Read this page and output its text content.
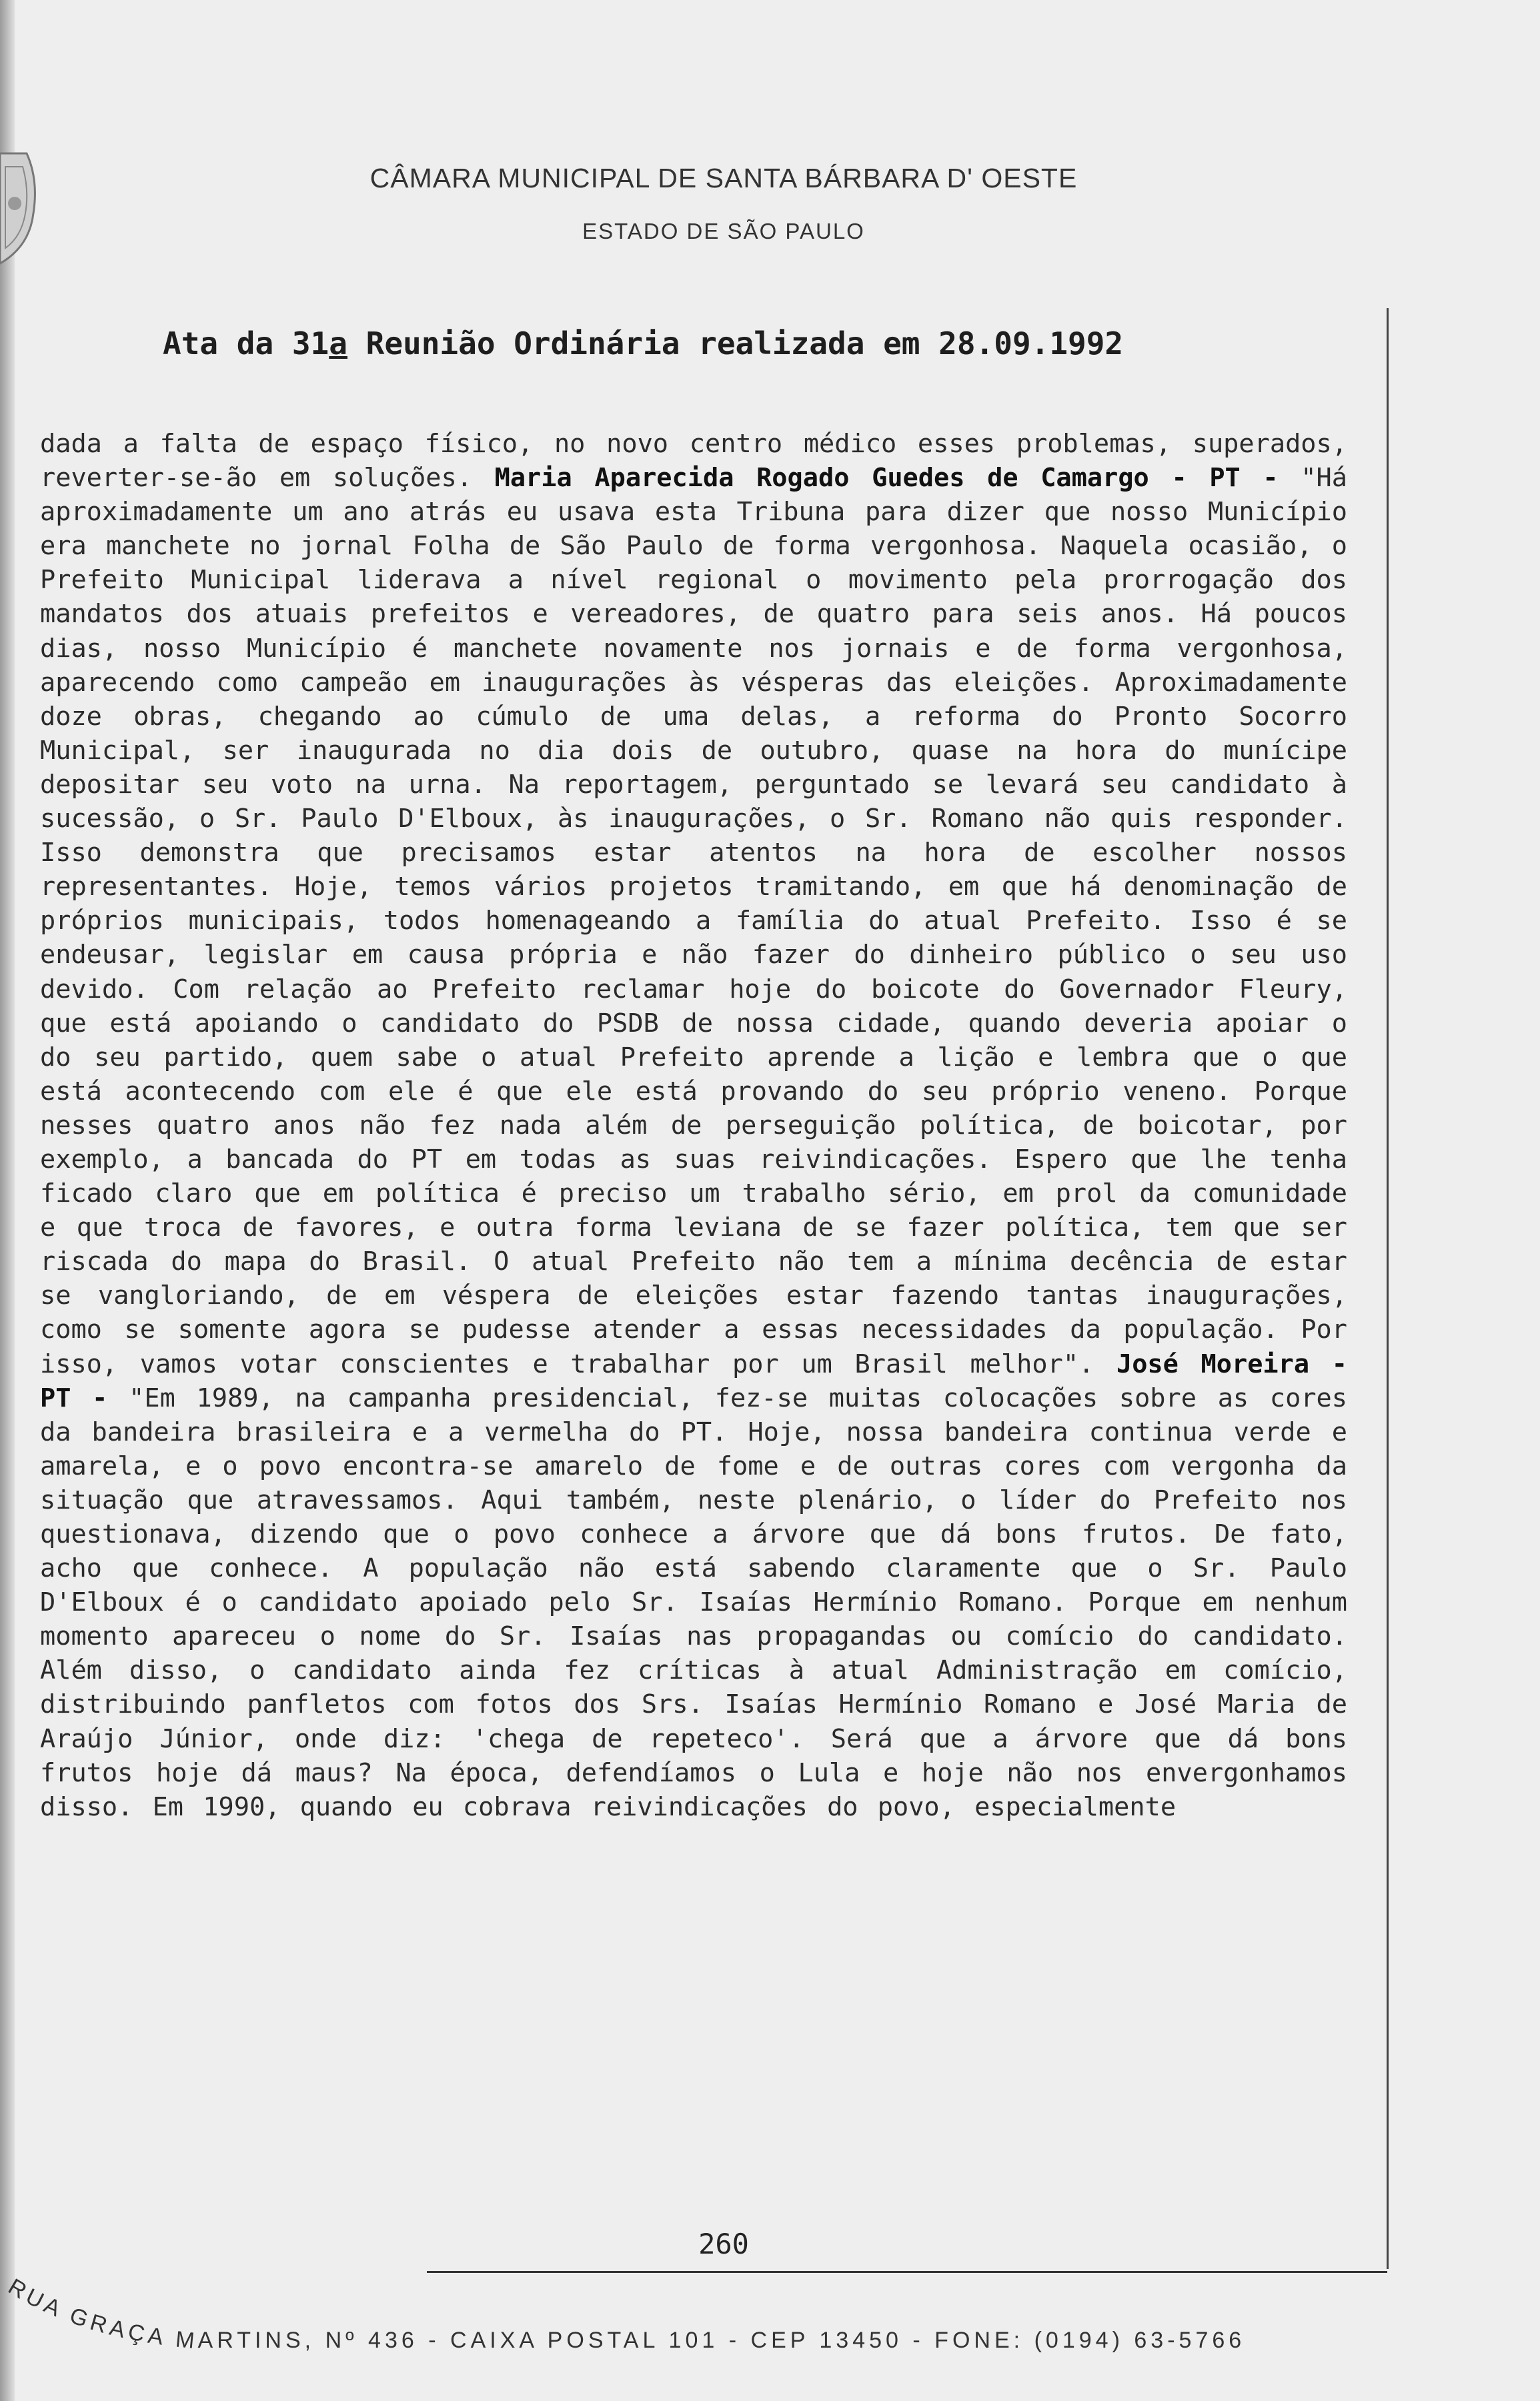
CÂMARA MUNICIPAL DE SANTA BÁRBARA D' OESTE
ESTADO DE SÃO PAULO
Ata da 31a Reunião Ordinária realizada em 28.09.1992

dada a falta de espaço físico, no novo centro médico esses problemas, superados, reverter-se-ão em soluções. Maria Aparecida Rogado Guedes de Camargo - PT - "Há aproximadamente um ano atrás eu usava esta Tribuna para dizer que nosso Município era manchete no jornal Folha de São Paulo de forma vergonhosa. Naquela ocasião, o Prefeito Municipal liderava a nível regional o movimento pela prorrogação dos mandatos dos atuais prefeitos e vereadores, de quatro para seis anos. Há poucos dias, nosso Município é manchete novamente nos jornais e de forma vergonhosa, aparecendo como campeão em inaugurações às vésperas das eleições. Aproximadamente doze obras, chegando ao cúmulo de uma delas, a reforma do Pronto Socorro Municipal, ser inaugurada no dia dois de outubro, quase na hora do munícipe depositar seu voto na urna. Na reportagem, perguntado se levará seu candidato à sucessão, o Sr. Paulo D'Elboux, às inaugurações, o Sr. Romano não quis responder. Isso demonstra que precisamos estar atentos na hora de escolher nossos representantes. Hoje, temos vários projetos tramitando, em que há denominação de próprios municipais, todos homenageando a família do atual Prefeito. Isso é se endeusar, legislar em causa própria e não fazer do dinheiro público o seu uso devido. Com relação ao Prefeito reclamar hoje do boicote do Governador Fleury, que está apoiando o candidato do PSDB de nossa cidade, quando deveria apoiar o do seu partido, quem sabe o atual Prefeito aprende a lição e lembra que o que está acontecendo com ele é que ele está provando do seu próprio veneno. Porque nesses quatro anos não fez nada além de perseguição política, de boicotar, por exemplo, a bancada do PT em todas as suas reivindicações. Espero que lhe tenha ficado claro que em política é preciso um trabalho sério, em prol da comunidade e que troca de favores, e outra forma leviana de se fazer política, tem que ser riscada do mapa do Brasil. O atual Prefeito não tem a mínima decência de estar se vangloriando, de em véspera de eleições estar fazendo tantas inaugurações, como se somente agora se pudesse atender a essas necessidades da população. Por isso, vamos votar conscientes e trabalhar por um Brasil melhor". José Moreira - PT - "Em 1989, na campanha presidencial, fez-se muitas colocações sobre as cores da bandeira brasileira e a vermelha do PT. Hoje, nossa bandeira continua verde e amarela, e o povo encontra-se amarelo de fome e de outras cores com vergonha da situação que atravessamos. Aqui também, neste plenário, o líder do Prefeito nos questionava, dizendo que o povo conhece a árvore que dá bons frutos. De fato, acho que conhece. A população não está sabendo claramente que o Sr. Paulo D'Elboux é o candidato apoiado pelo Sr. Isaías Hermínio Romano. Porque em nenhum momento apareceu o nome do Sr. Isaías nas propagandas ou comício do candidato. Além disso, o candidato ainda fez críticas à atual Administração em comício, distribuindo panfletos com fotos dos Srs. Isaías Hermínio Romano e José Maria de Araújo Júnior, onde diz: 'chega de repeteco'. Será que a árvore que dá bons frutos hoje dá maus? Na época, defendíamos o Lula e hoje não nos envergonhamos disso. Em 1990, quando eu cobrava reivindicações do povo, especialmente

260
RUA GRAÇA MARTINS, Nº 436 - CAIXA POSTAL 101 - CEP 13450 - FONE: (0194) 63-5766
